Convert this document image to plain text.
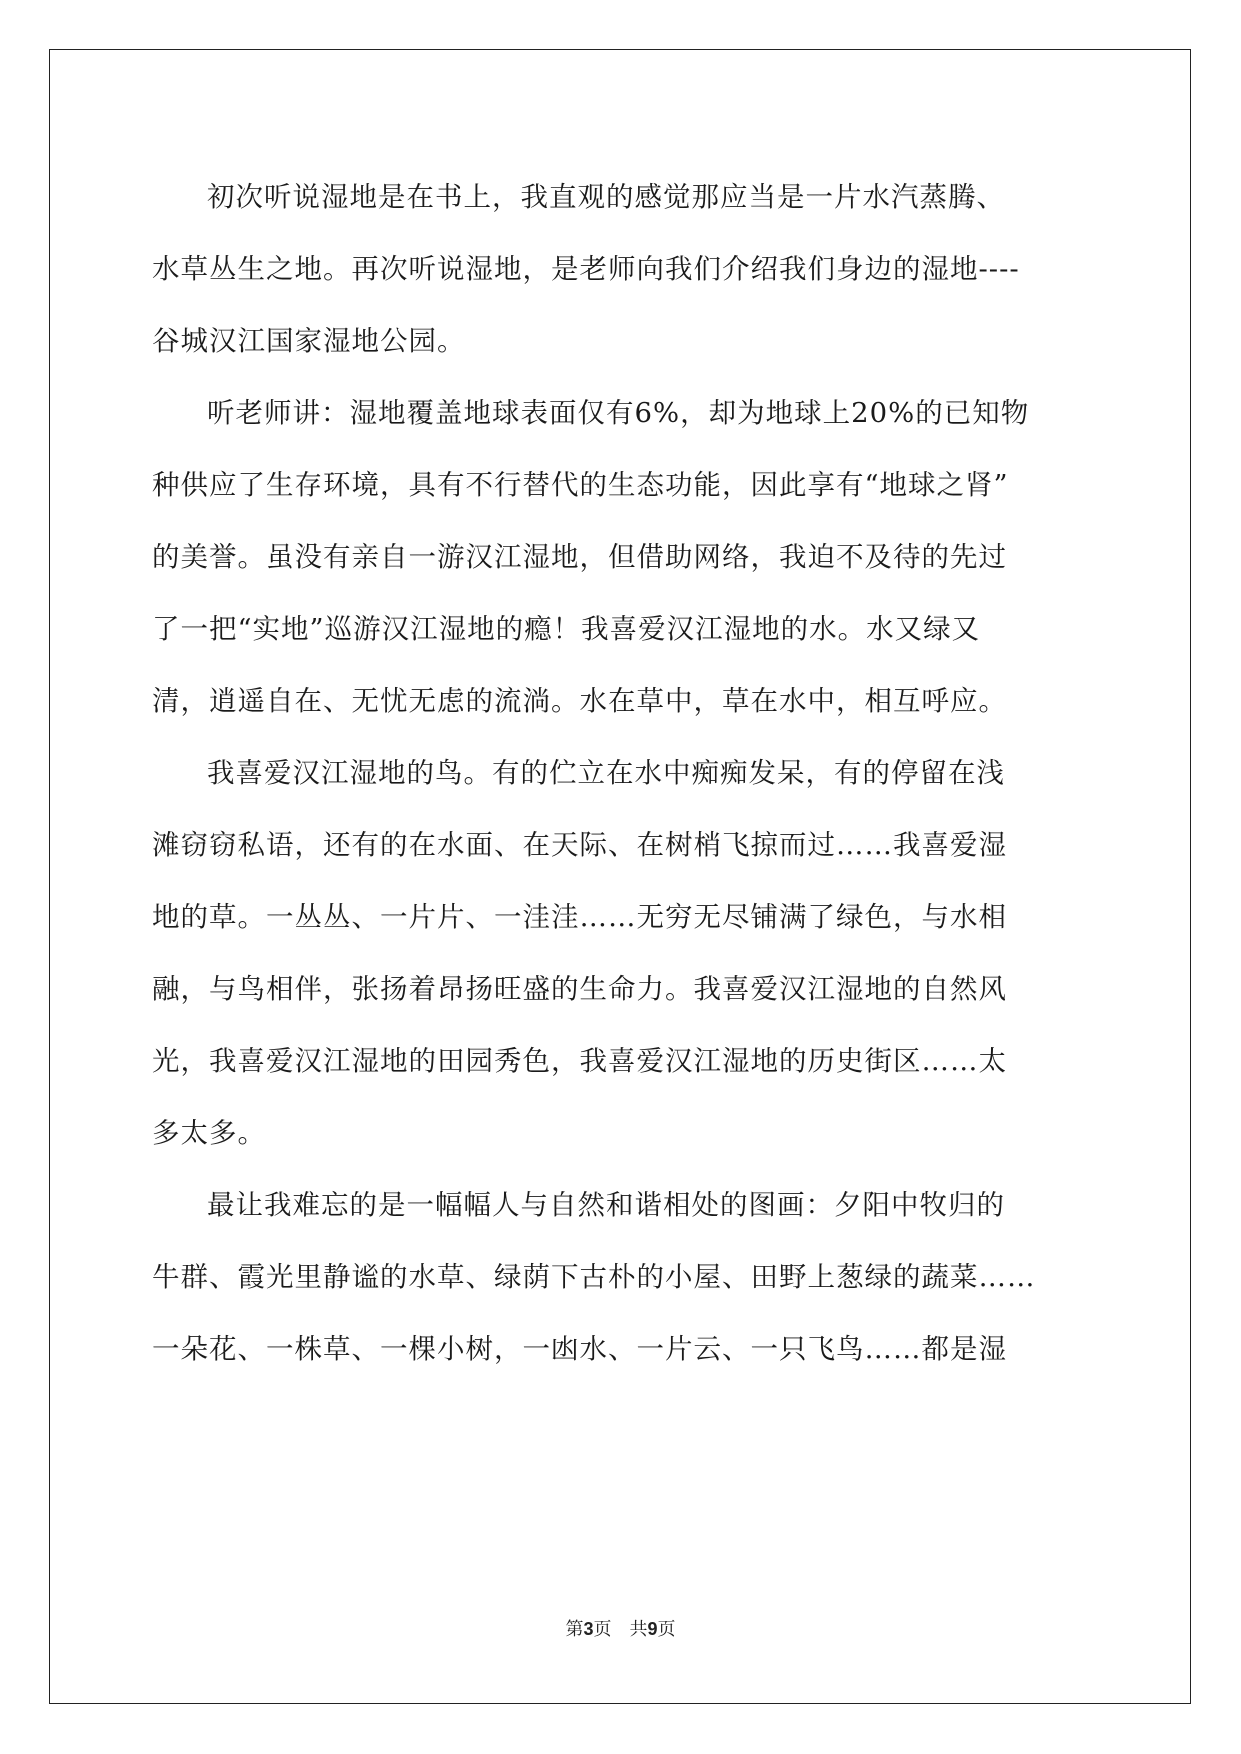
初次听说湿地是在书上，我直观的感觉那应当是一片水汽蒸腾、
水草丛生之地。再次听说湿地，是老师向我们介绍我们身边的湿地----
谷城汉江国家湿地公园。
听老师讲：湿地覆盖地球表面仅有6%，却为地球上20%的已知物
种供应了生存环境，具有不行替代的生态功能，因此享有“地球之肾”
的美誉。虽没有亲自一游汉江湿地，但借助网络，我迫不及待的先过
了一把“实地”巡游汉江湿地的瘾！我喜爱汉江湿地的水。水又绿又
清，逍遥自在、无忧无虑的流淌。水在草中，草在水中，相互呼应。
我喜爱汉江湿地的鸟。有的伫立在水中痴痴发呆，有的停留在浅
滩窃窃私语，还有的在水面、在天际、在树梢飞掠而过……我喜爱湿
地的草。一丛丛、一片片、一洼洼……无穷无尽铺满了绿色，与水相
融，与鸟相伴，张扬着昂扬旺盛的生命力。我喜爱汉江湿地的自然风
光，我喜爱汉江湿地的田园秀色，我喜爱汉江湿地的历史街区……太
多太多。
最让我难忘的是一幅幅人与自然和谐相处的图画：夕阳中牧归的
牛群、霞光里静谧的水草、绿荫下古朴的小屋、田野上葱绿的蔬菜……
一朵花、一株草、一棵小树，一凼水、一片云、一只飞鸟……都是湿
第3页　共9页
